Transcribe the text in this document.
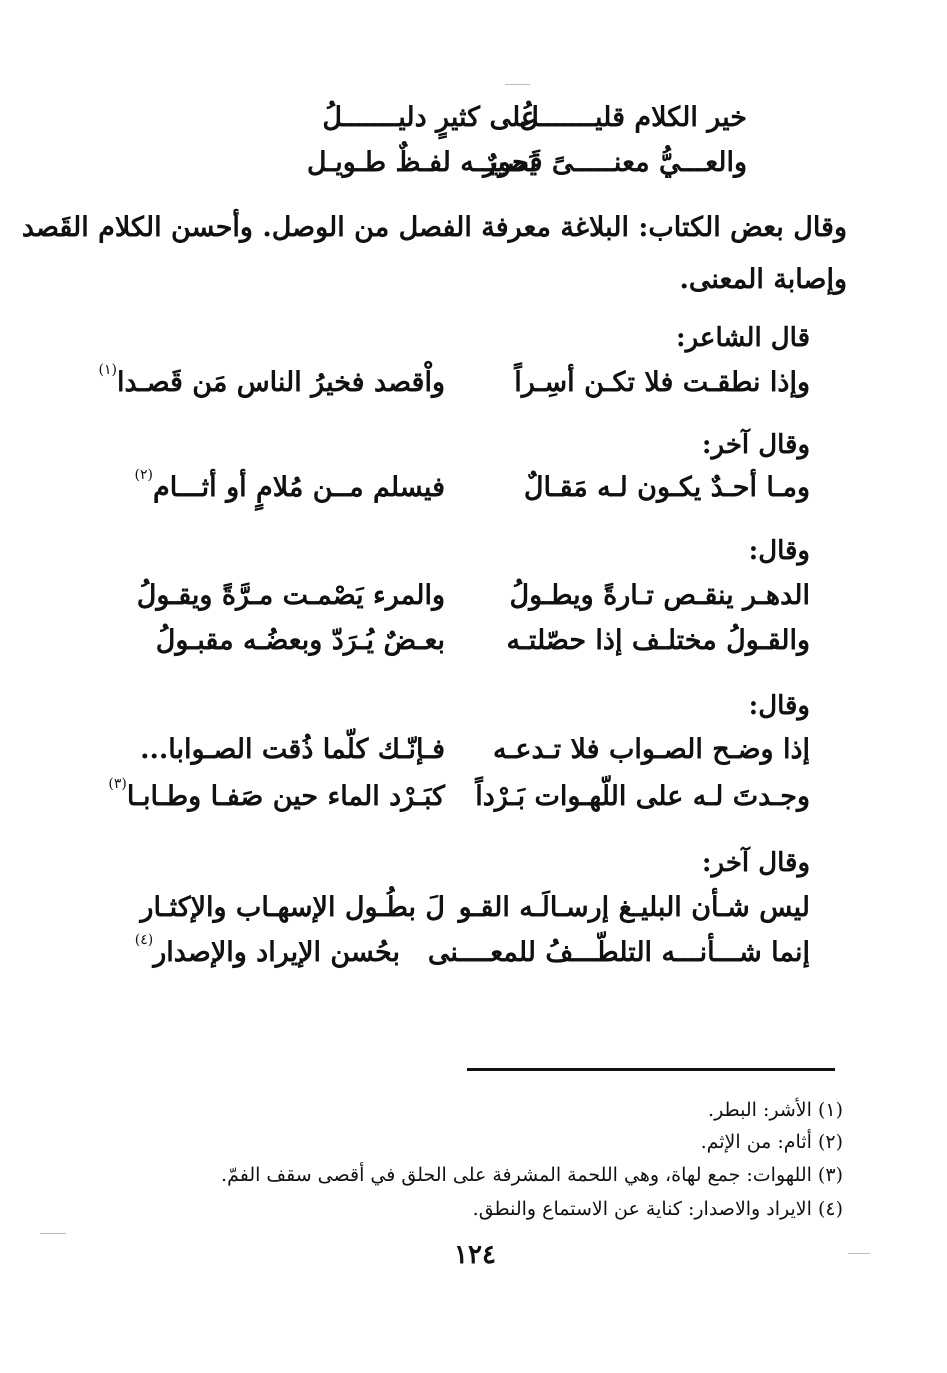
خير الكلام قليـــــــلُ
على كثيرٍ دليـــــــلُ
والعـــيُّ معنـــــىً قَصيرٌ
يَحويــه لفـظٌ طـويـل
وقال بعض الكتاب: البلاغة معرفة الفصل من الوصل. وأحسن الكلام القَصد
وإصابة المعنى.
قال الشاعر:
وإذا نطقـت فلا تكـن أسِـراً
واْقصد فخيرُ الناس مَن قَصـدا$^{(١)}$
وقال آخر:
ومـا أحـدٌ يكـون لـه مَقـالٌ
فيسلم مــن مُلامٍ أو أثـــام$^{(٢)}$
وقال:
الدهـر ينقـص تـارةً ويطـولُ
والمرء يَصْمـت مـرَّةً ويقـولُ
والقـولُ مختلـف إذا حصّلتـه
بعـضٌ يُـرَدّ وبعضُـه مقبـولُ
وقال:
إذا وضـح الصـواب فلا تـدعـه
فـإنّـك كلّما ذُقت الصـوابا...
وجـدتَ لـه على اللّهـوات بَـرْداً
كبَـرْد الماء حين صَفـا وطـابـا$^{(٣)}$
وقال آخر:
ليس شـأن البليـغ إرسـالَـه القـو
لَ بطُـول الإسهـاب والإكثـار
إنما شـــأنـــه التلطّـــفُ للمعــــنى
بحُسن الإيراد والإصدار$^{(٤)}$
(١) الأشر: البطر.
(٢) أثام: من الإثم.
(٣) اللهوات: جمع لهاة، وهي اللحمة المشرفة على الحلق في أقصى سقف الفمّ.
(٤) الايراد والاصدار: كناية عن الاستماع والنطق.
١٢٤
